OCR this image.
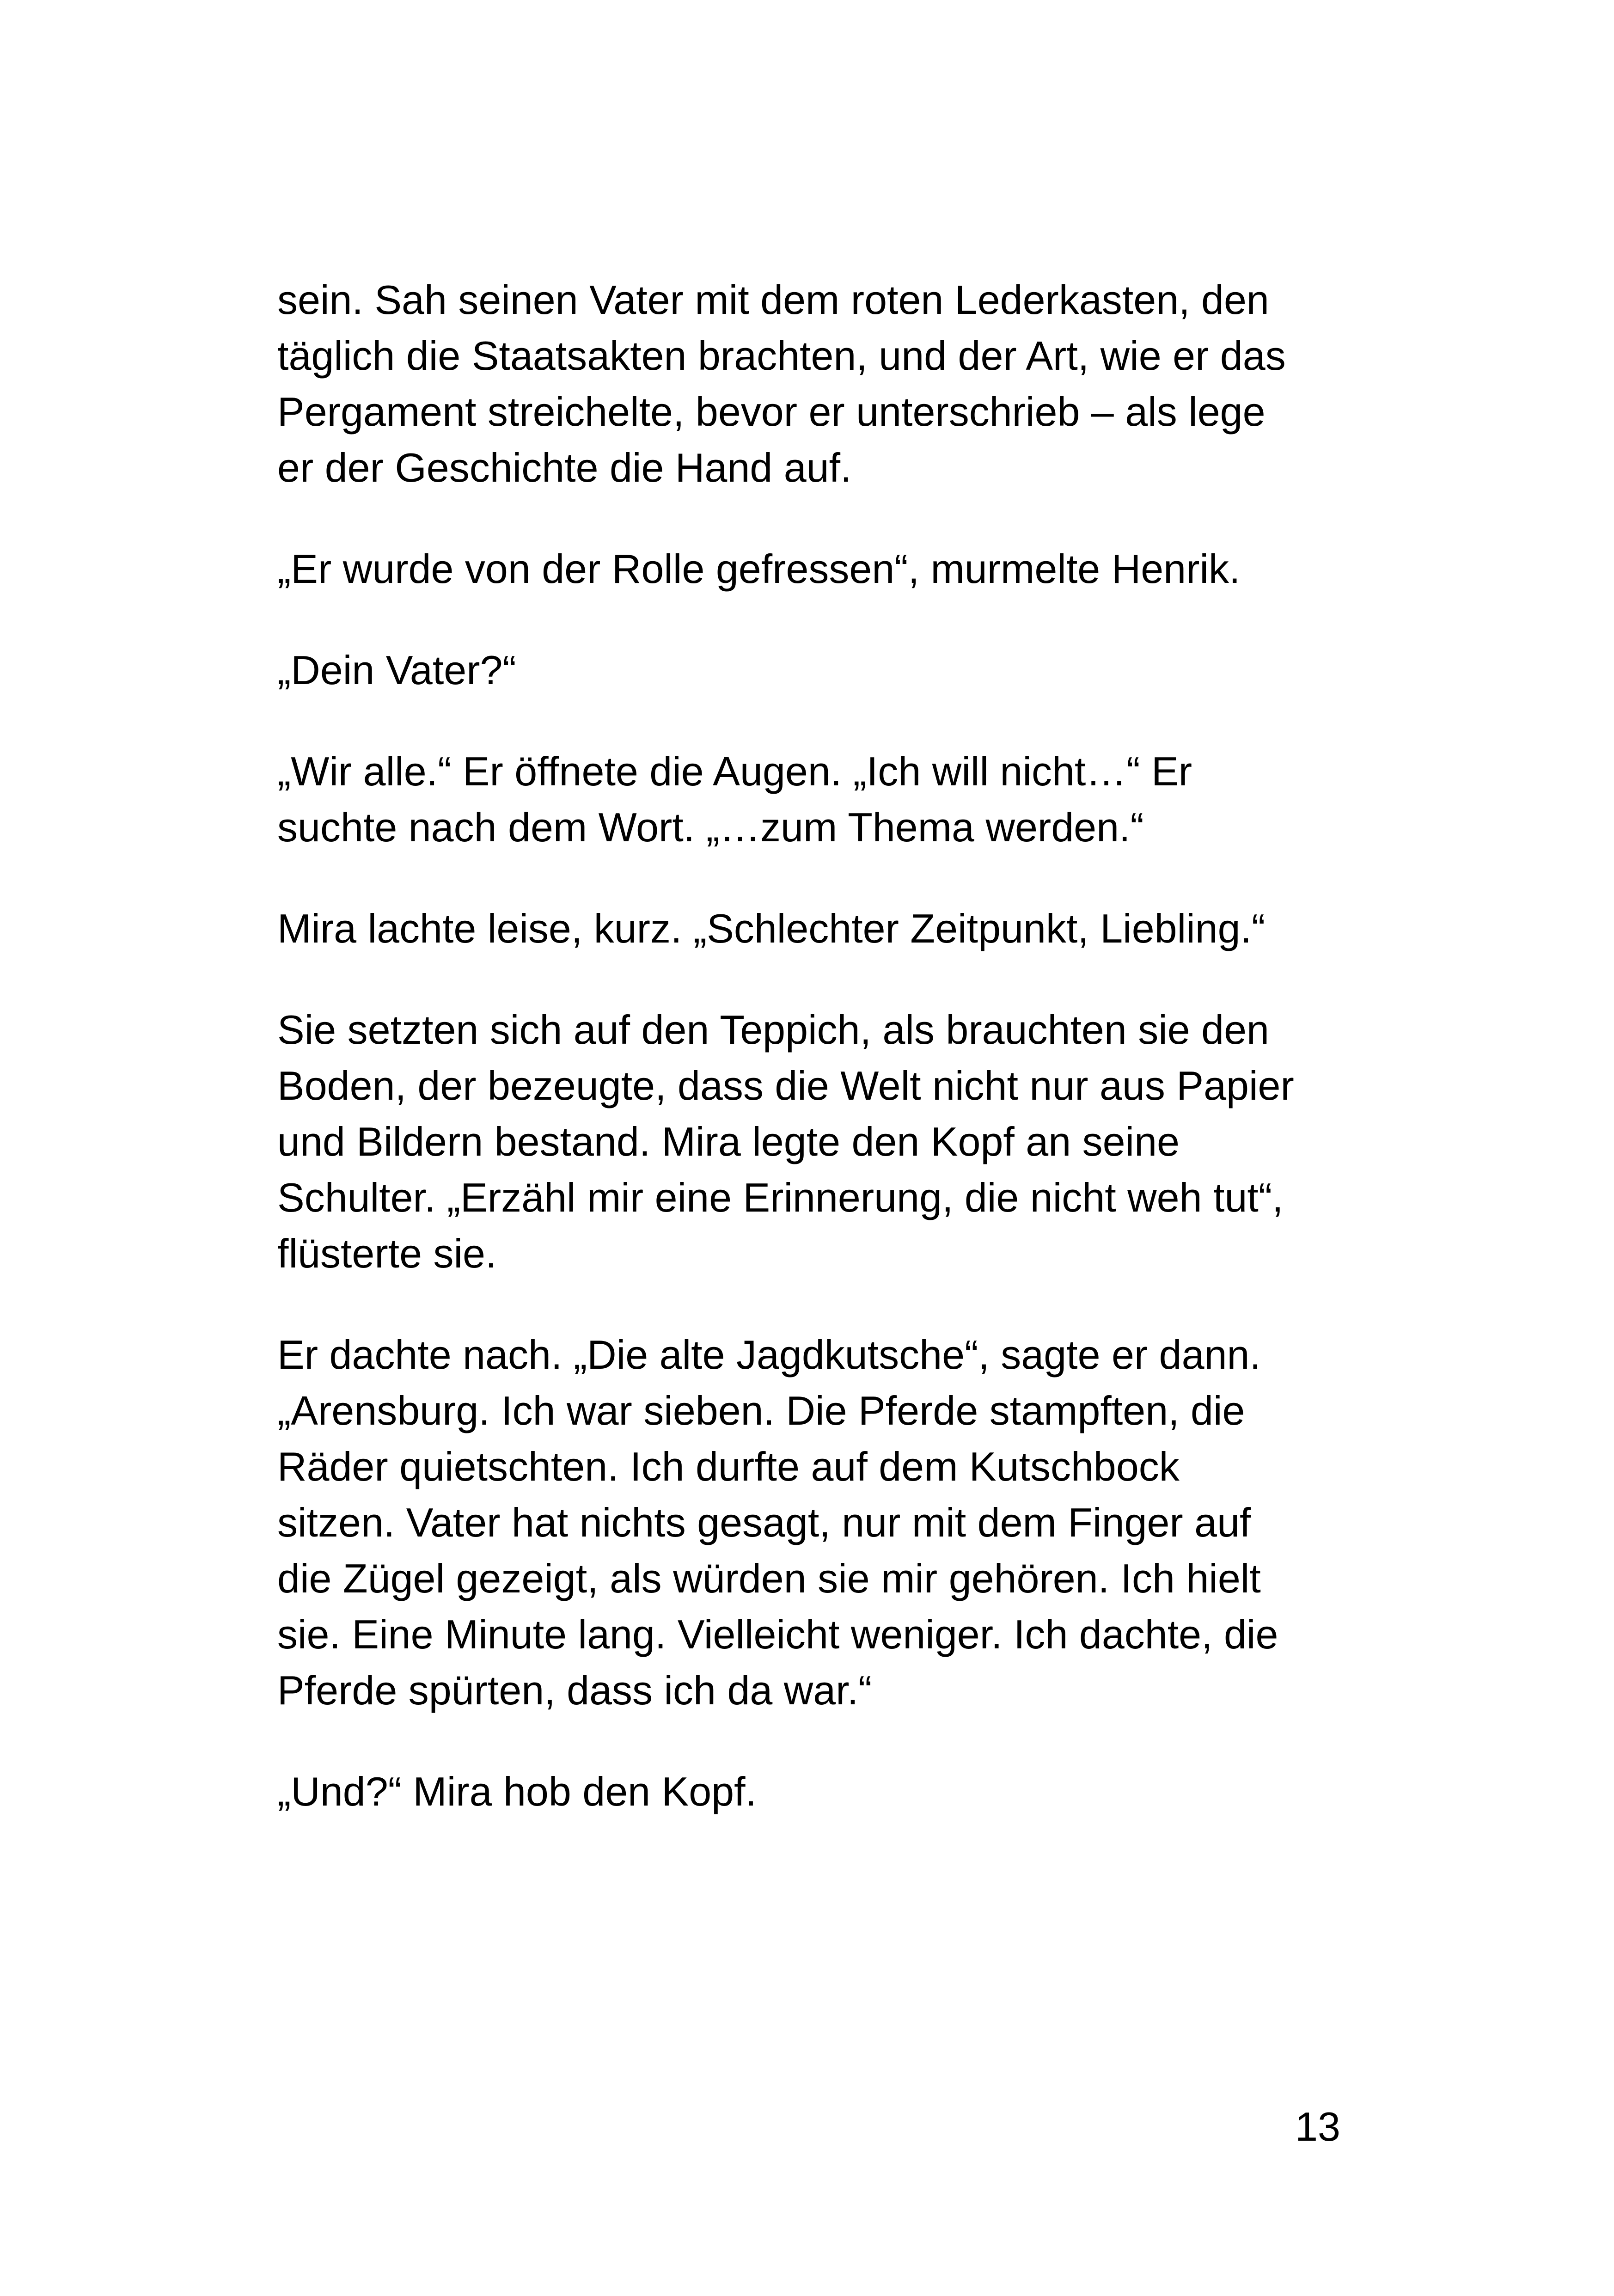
sein. Sah seinen Vater mit dem roten Lederkasten, den
täglich die Staatsakten brachten, und der Art, wie er das
Pergament streichelte, bevor er unterschrieb – als lege
er der Geschichte die Hand auf.

„Er wurde von der Rolle gefressen“, murmelte Henrik.

„Dein Vater?“

„Wir alle.“ Er öffnete die Augen. „Ich will nicht…“ Er
suchte nach dem Wort. „…zum Thema werden.“

Mira lachte leise, kurz. „Schlechter Zeitpunkt, Liebling.“

Sie setzten sich auf den Teppich, als brauchten sie den
Boden, der bezeugte, dass die Welt nicht nur aus Papier
und Bildern bestand. Mira legte den Kopf an seine
Schulter. „Erzähl mir eine Erinnerung, die nicht weh tut“,
flüsterte sie.

Er dachte nach. „Die alte Jagdkutsche“, sagte er dann.
„Arensburg. Ich war sieben. Die Pferde stampften, die
Räder quietschten. Ich durfte auf dem Kutschbock
sitzen. Vater hat nichts gesagt, nur mit dem Finger auf
die Zügel gezeigt, als würden sie mir gehören. Ich hielt
sie. Eine Minute lang. Vielleicht weniger. Ich dachte, die
Pferde spürten, dass ich da war.“

„Und?“ Mira hob den Kopf.

13
